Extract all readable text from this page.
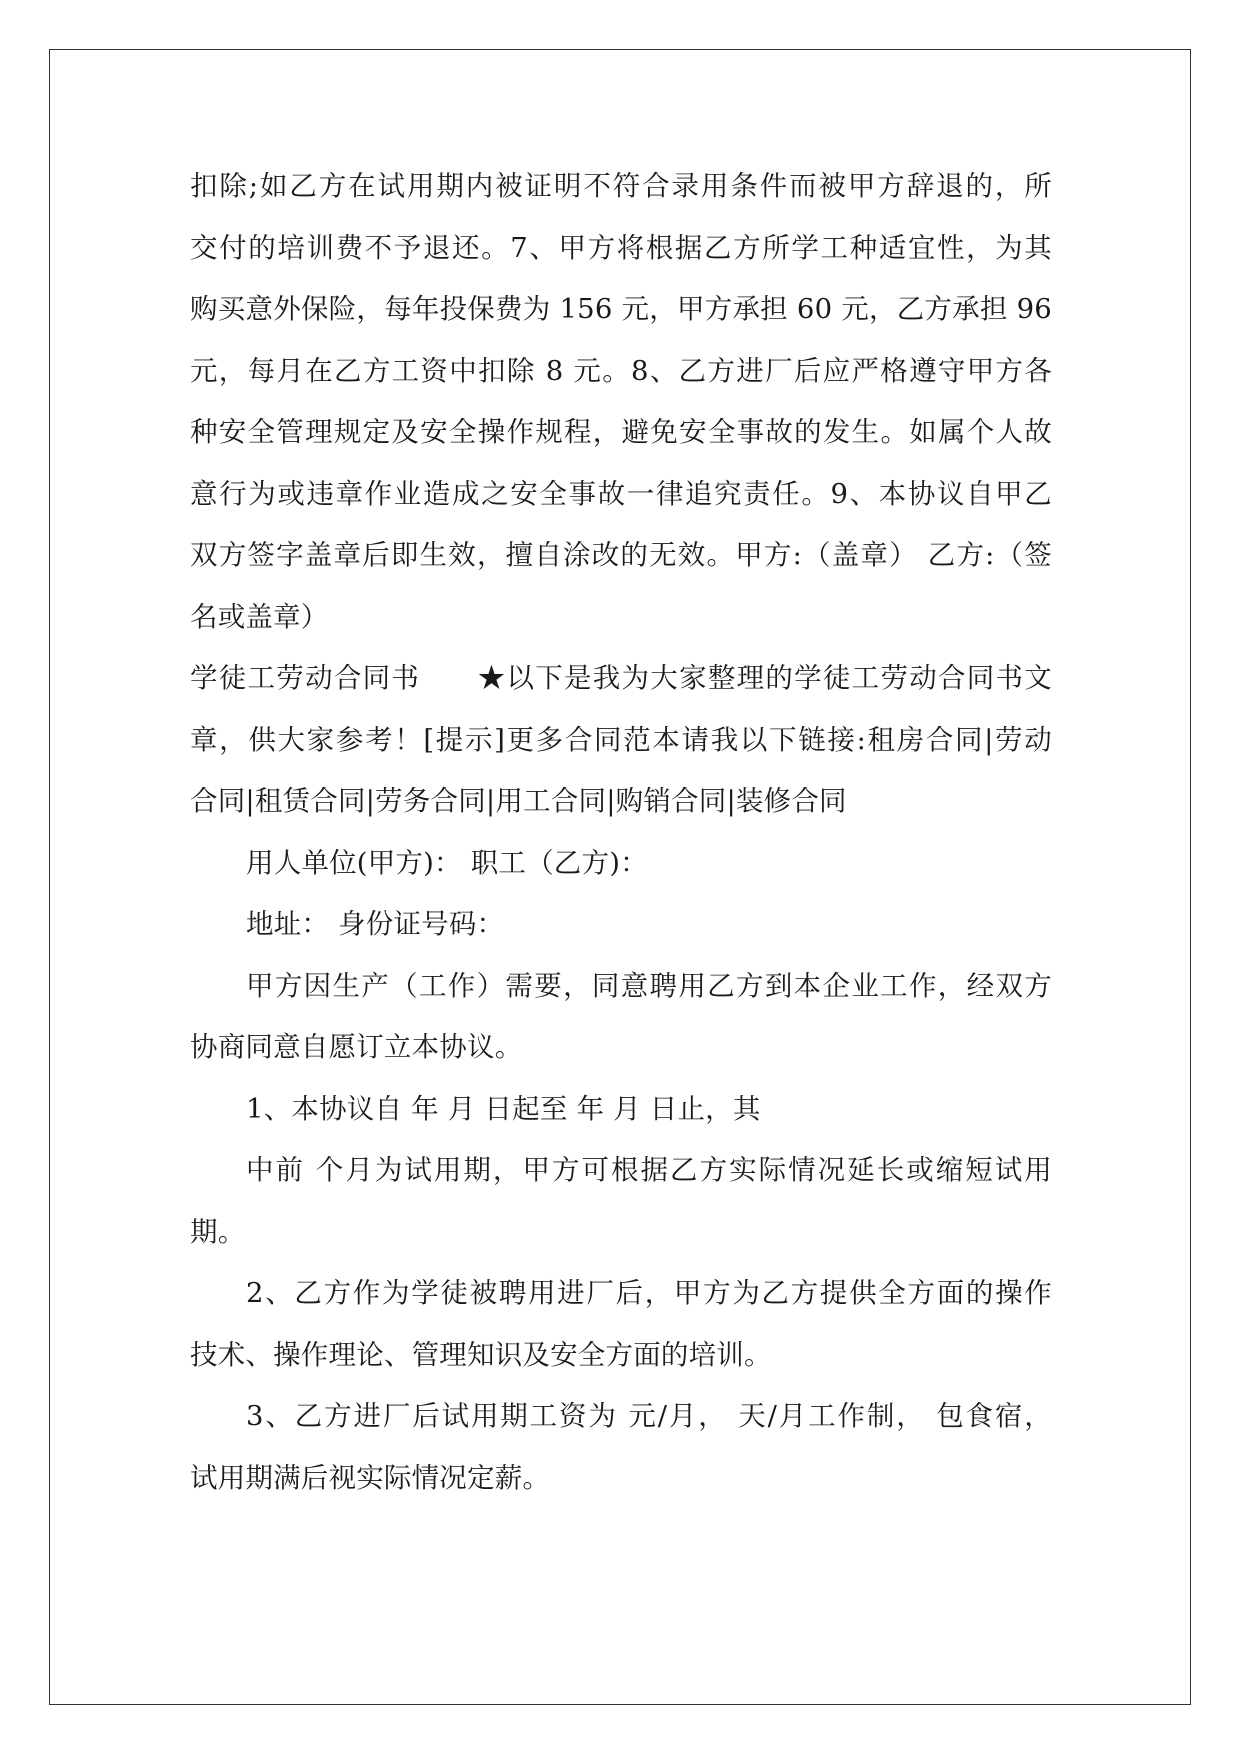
扣除;如乙方在试用期内被证明不符合录用条件而被甲方辞退的，所
交付的培训费不予退还。7、甲方将根据乙方所学工种适宜性，为其
购买意外保险，每年投保费为 156 元，甲方承担 60 元，乙方承担 96
元，每月在乙方工资中扣除 8 元。8、乙方进厂后应严格遵守甲方各
种安全管理规定及安全操作规程，避免安全事故的发生。如属个人故
意行为或违章作业造成之安全事故一律追究责任。9、本协议自甲乙
双方签字盖章后即生效，擅自涂改的无效。甲方:（盖章） 乙方:（签
名或盖章）
学徒工劳动合同书　　★以下是我为大家整理的学徒工劳动合同书文
章，供大家参考！[提示]更多合同范本请我以下链接:租房合同|劳动
合同|租赁合同|劳务合同|用工合同|购销合同|装修合同
用人单位(甲方)： 职工（乙方)：
地址： 身份证号码：
甲方因生产（工作）需要，同意聘用乙方到本企业工作，经双方
协商同意自愿订立本协议。
1、本协议自 年 月 日起至 年 月 日止，其
中前 个月为试用期，甲方可根据乙方实际情况延长或缩短试用
期。
2、乙方作为学徒被聘用进厂后，甲方为乙方提供全方面的操作
技术、操作理论、管理知识及安全方面的培训。
3、乙方进厂后试用期工资为 元/月， 天/月工作制， 包食宿，
试用期满后视实际情况定薪。
